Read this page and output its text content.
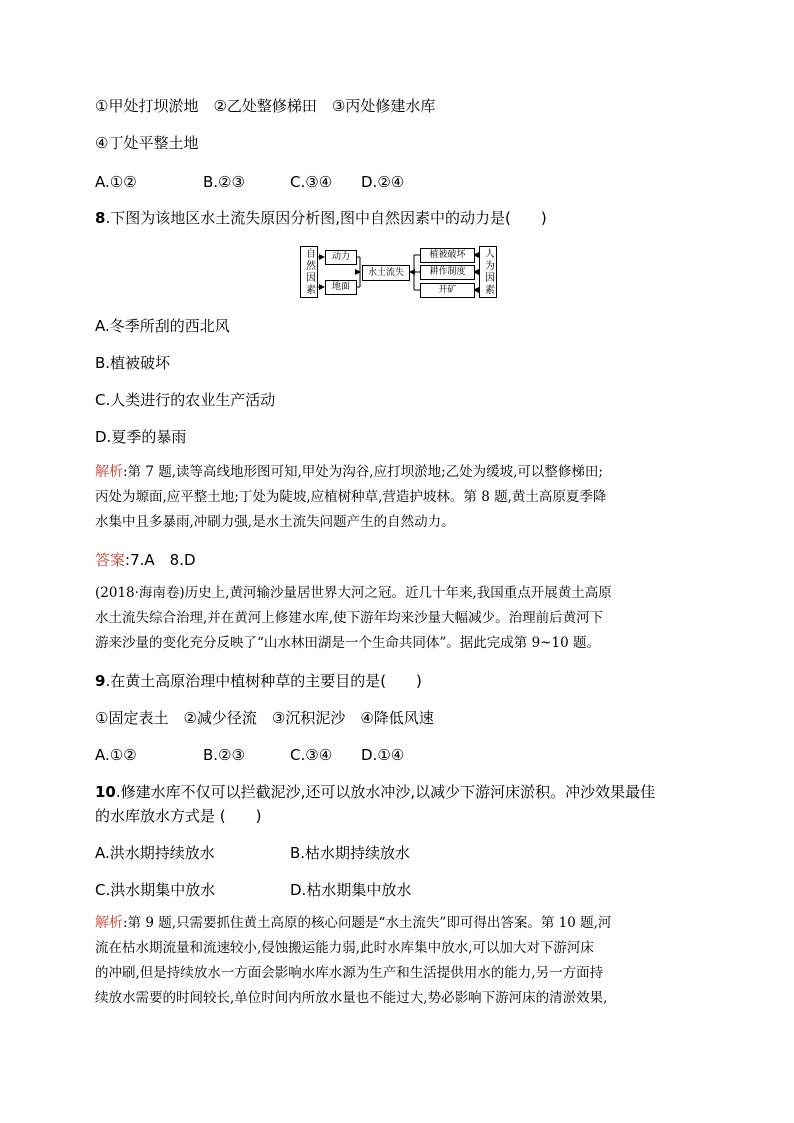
①甲处打坝淤地　②乙处整修梯田　③丙处修建水库
④丁处平整土地
A.①②	B.②③	C.③④ D.②④
8.下图为该地区水土流失原因分析图,图中自然因素中的动力是(　　)
自然因素	动力
地面
水土流失
植被破坏
耕作制度
开矿	人为因素
A.冬季所刮的西北风
B.植被破坏
C.人类进行的农业生产活动
D.夏季的暴雨
解析:第 7 题,读等高线地形图可知,甲处为沟谷,应打坝淤地;乙处为缓坡,可以整修梯田;
丙处为塬面,应平整土地;丁处为陡坡,应植树种草,营造护坡林。第 8 题,黄土高原夏季降
水集中且多暴雨,冲刷力强,是水土流失问题产生的自然动力。
答案:7.A　8.D
(2018·海南卷)历史上,黄河输沙量居世界大河之冠。近几十年来,我国重点开展黄土高原
水土流失综合治理,并在黄河上修建水库,使下游年均来沙量大幅减少。治理前后黄河下
游来沙量的变化充分反映了“山水林田湖是一个生命共同体”。据此完成第 9~10 题。
9.在黄土高原治理中植树种草的主要目的是(　　)
①固定表土　②减少径流　③沉积泥沙　④降低风速
A.①②	B.②③	C.③④ D.①④
10.修建水库不仅可以拦截泥沙,还可以放水冲沙,以减少下游河床淤积。冲沙效果最佳
的水库放水方式是 (　　)
A.洪水期持续放水	B.枯水期持续放水
C.洪水期集中放水	D.枯水期集中放水
解析:第 9 题,只需要抓住黄土高原的核心问题是“水土流失”即可得出答案。第 10 题,河
流在枯水期流量和流速较小,侵蚀搬运能力弱,此时水库集中放水,可以加大对下游河床
的冲刷,但是持续放水一方面会影响水库水源为生产和生活提供用水的能力,另一方面持
续放水需要的时间较长,单位时间内所放水量也不能过大,势必影响下游河床的清淤效果,
